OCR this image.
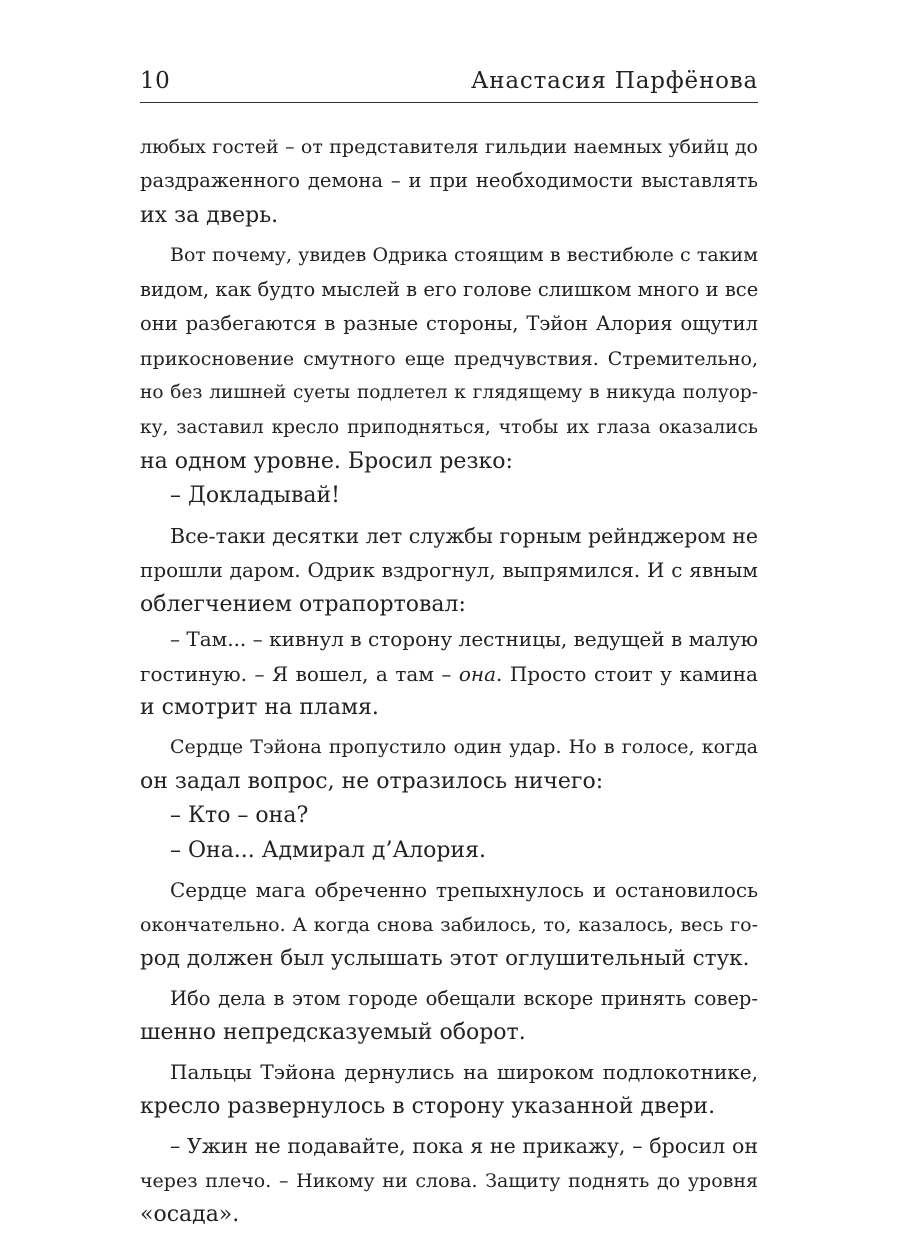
10	Анастасия Парфёнова
любых гостей – от представителя гильдии наемных убийц до
раздраженного демона – и при необходимости выставлять
их за дверь.
Вот почему, увидев Одрика стоящим в вестибюле с таким
видом, как будто мыслей в его голове слишком много и все
они разбегаются в разные стороны, Тэйон Алория ощутил
прикосновение смутного еще предчувствия. Стремительно,
но без лишней суеты подлетел к глядящему в никуда полуор-
ку, заставил кресло приподняться, чтобы их глаза оказались
на одном уровне. Бросил резко:
– Докладывай!
Все-таки десятки лет службы горным рейнджером не
прошли даром. Одрик вздрогнул, выпрямился. И с явным
облегчением отрапортовал:
– Там... – кивнул в сторону лестницы, ведущей в малую
гостиную. – Я вошел, а там – она. Просто стоит у камина
и смотрит на пламя.
Сердце Тэйона пропустило один удар. Но в голосе, когда
он задал вопрос, не отразилось ничего:
– Кто – она?
– Она... Адмирал д’Алория.
Сердце мага обреченно трепыхнулось и остановилось
окончательно. А когда снова забилось, то, казалось, весь го-
род должен был услышать этот оглушительный стук.
Ибо дела в этом городе обещали вскоре принять совер-
шенно непредсказуемый оборот.
Пальцы Тэйона дернулись на широком подлокотнике,
кресло развернулось в сторону указанной двери.
– Ужин не подавайте, пока я не прикажу, – бросил он
через плечо. – Никому ни слова. Защиту поднять до уровня
«осада».
